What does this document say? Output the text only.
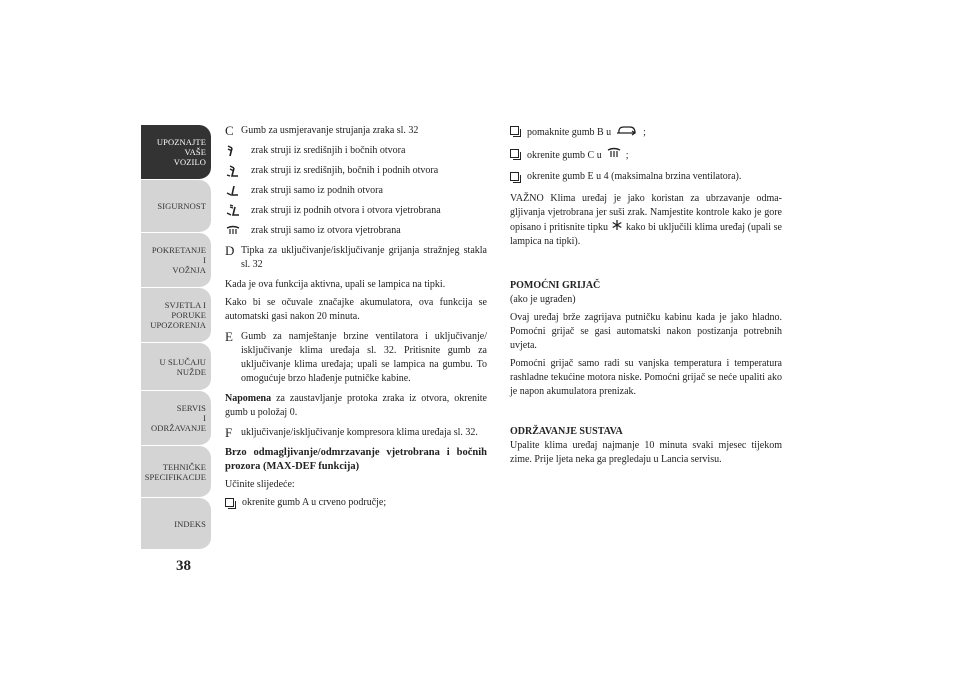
UPOZNAJTE
VAŠE
VOZILO
SIGURNOST
POKRETANJE
I
VOŽNJA
SVJETLA I
PORUKE
UPOZORENJA
U SLUČAJU
NUŽDE
SERVIS
I
ODRŽAVANJE
TEHNIČKE
SPECIFIKACIJE
INDEKS
38
C Gumb za usmjeravanje strujanja zraka sl. 32
zrak struji iz središnjih i bočnih otvora
zrak struji iz središnjih, bočnih i podnih otvora
zrak struji samo iz podnih otvora
zrak struji iz podnih otvora i otvora vjetrobrana
zrak struji samo iz otvora vjetrobrana
D Tipka za uključivanje/isključivanje grijanja stražnjeg stakla sl. 32

Kada je ova funkcija aktivna, upali se lampica na tipki.

Kako bi se očuvale značajke akumulatora, ova funkcija se automatski gasi nakon 20 minuta.

E Gumb za namještanje brzine ventilatora i uključivanje/ isključivanje klima uređaja sl. 32. Pritisnite gumb za uključivanje klima uređaja; upali se lampica na gumbu. To omogućuje brzo hlađenje putničke kabine.

Napomena za zaustavljanje protoka zraka iz otvora, okrenite gumb u položaj 0.

F uključivanje/isključivanje kompresora klima uređaja sl. 32.

Brzo odmagljivanje/odmrzavanje vjetrobrana i bočnih prozora (MAX-DEF funkcija)

Učinite slijedeće:

okrenite gumb A u crveno područje;
pomaknite gumb B u	;
okrenite gumb C u ;
okrenite gumb E u 4 (maksimalna brzina ventilatora).

VAŽNO Klima uređaj je jako koristan za ubrzavanje odma-gljivanja vjetrobrana jer suši zrak. Namjestite kontrole kako je gore opisano i pritisnite tipku kako bi uključili klima uređaj (upali se lampica na tipki).

POMOĆNI GRIJAČ

(ako je ugrađen)

Ovaj uređaj brže zagrijava putničku kabinu kada je jako hladno. Pomoćni grijač se gasi automatski nakon postizanja potrebnih uvjeta.

Pomoćni grijač samo radi su vanjska temperatura i temperatura rashladne tekućine motora niske. Pomoćni grijač se neće upaliti ako je napon akumulatora prenizak.

ODRŽAVANJE SUSTAVA

Upalite klima uređaj najmanje 10 minuta svaki mjesec tijekom zime. Prije ljeta neka ga pregledaju u Lancia servisu.
